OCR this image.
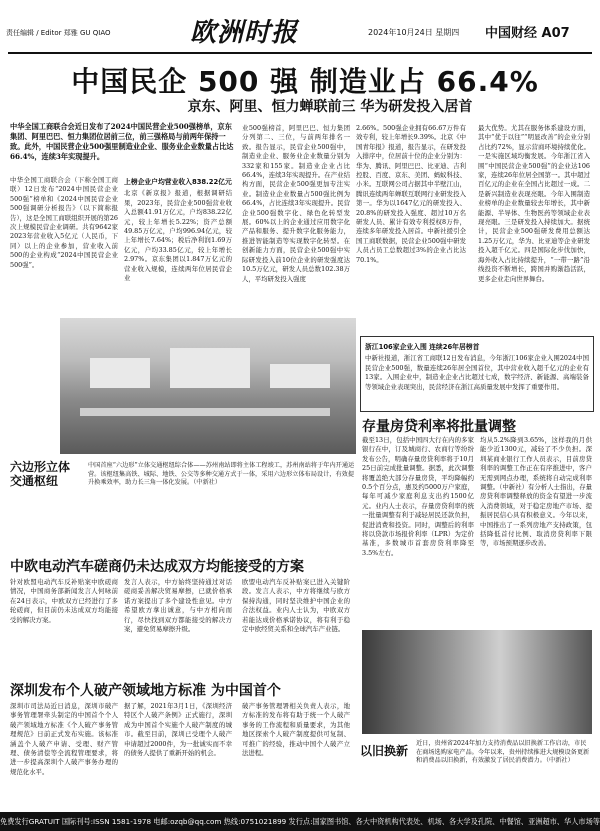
责任编辑 / Editor 郑雅 GU QIAO	欧洲时报	2024年10月24日 星期四 中国财经 A07
中国民企 500 强 制造业占 66.4%
京东、阿里、恒力蝉联前三 华为研发投入居首
中华全国工商联合会近日发布了2024中国民营企业500强榜单，京东集团、阿里巴巴、恒力集团位居前三位，前三强格局与前两年保持一致。此外，中国民营企业500强里制造业企业、服务业企业数量占比达66.4%，连续3年实现提升。
中华全国工商联合会（下称全国工商联）12日发布“2024中国民营企业500强”榜单和《2024中国民营企业500强调研分析报告》（以下简称报告），这是全国工商联组织开展的第26次上规模民营企业调研。共有9642家2023年营业收入5亿元（人民币，下同）以上的企业参加，营业收入前500的企业构成“2024中国民营企业500强”。
上榜企业户均营业收入838.22亿元
北京《新京报》报道，根据调研结果，2023年，民营企业500强营业收入总额41.91万亿元，户均838.22亿元，较上年增长5.22%；资产总额49.85万亿元，户均996.94亿元，较上年增长7.64%；税后净利润1.69万亿元，户均33.85亿元，较上年增长2.97%。京东集团以1.847万亿元的营业收入规模，连续两年位居民营企业
业500强榜首，阿里巴巴、恒力集团分列第二、三位，与前两年排名一致。报告显示，民营企业500强中，制造业企业、服务业企业数量分别为332家和155家。制造业企业占比66.4%，连续3年实现提升。在产业结构方面，民营企业500强更加专注实业。制造业企业数量占500强比例为66.4%，占比连续3年实现提升。民营企业500强数字化、绿色化转型发展。60%以上的企业通过应用数字化产品和服务、提升数字化服务能力，推进智能制造等实现数字化转型。在创新能力方面，民营企业500强中实际研发投入前10位企业的研发强度达10.5万亿元，研发人员总数102.38万人，平均研发投入强度
2.66%。500强企业拥有66.67万件有效专利，较上年增长9.39%。北京《中国青年报》报道，报告显示，在研发投入排序中，位居前十位的企业分别为：华为、腾讯、阿里巴巴、比亚迪、吉利控股、百度、京东、美团、蚂蚁科技、小米。互联网公司占据其中半壁江山，腾讯连续两年蝉联互联网行业研发投入第一。华为以1647亿元的研发投入、20.8%的研发投入强度、超过10万名研发人员、累计有效专利授权8万件，连续多年研发投入居首。中新社援引全国工商联数据，民营企业500强中研发人员占员工总数超过3%的企业占比达70.1%。
最大优势。尤其在服务体系建设方面，其中“优于以往”“明显改善”的企业分别占比约72%，显示营商环境持续优化。一是实施区域均衡发展。今年浙江省入围“中国民营企业500强”的企业达106家，连续26年位居全国第一。其中超过百亿元的企业在全国占比超过一成。二是新兴制造业表现亮眼。今年入围制造业榜单的企业数量较去年增长，其中新能源、半导体、生物医药等领域企业表现亮眼。三是研发投入持续加大。据统计，民营企业500强研发费用总额达1.25万亿元，华为、比亚迪等企业研发投入超千亿元。四是国际化步伐加快，海外收入占比持续提升，“一带一路”沿线投资不断增长，跨国并购渐趋活跃，更多企业走向世界舞台。
六边形立体交通枢纽
中国首座“六边形”立体交通枢纽综合体——苏州南站即将主体工程竣工，苏州南站将于年内开通运营。该枢纽集高铁、城际、地铁、公交等多种交通方式于一体，采用六边形立体布局设计，有效提升换乘效率，助力长三角一体化发展。（中新社）
浙江106家企业入围 连续26年居榜首
中新社报道，浙江省工商联12日发布消息，今年浙江106家企业入围2024中国民营企业500强，数量连续26年居全国首位，其中营业收入超千亿元的企业有13家。入围企业中，制造业企业占比超过七成，数字经济、新能源、高端装备等领域企业表现突出，民营经济在浙江高质量发展中发挥了重要作用。
存量房贷利率将批量调整
截至13日，包括中国四大行在内的多家银行在中，订及城商行、农商行等纷纷发布公告，明确存量房贷利率将于10月25日前完成批量调整。据悉，此次调整将覆盖绝大部分存量房贷，平均降幅约0.5个百分点，惠及约5000万户家庭，每年可减少家庭利息支出约1500亿元。业内人士表示，存量房贷利率的统一批量调整有利于减轻居民还款负担，促进消费和投资。同时，调整后的利率将以贷款市场报价利率（LPR）为定价基准，多数城市首套房贷利率降至3.5%左右。
均从5.2%降到3.65%，这样我的月供能少近1300元，减轻了不少负担。深圳某商业银行工作人员表示，目前房贷利率的调整工作正在有序推进中，客户无需到网点办理，系统将自动完成利率调整。（中新社）有分析人士指出，存量房贷利率调整释放的资金有望进一步流入消费领域，对于稳定房地产市场、提振居民信心具有积极意义。今年以来，中国推出了一系列房地产支持政策，包括降低首付比例、取消房贷利率下限等，市场预期逐步改善。
中欧电动汽车磋商仍未达成双方均能接受的方案
针对欧盟电动汽车反补贴案中欧磋商情况，中国商务部新闻发言人何咏前在24日表示，中欧双方已经进行了多轮磋商，但目前仍未达成双方均能接受的解决方案。
发言人表示，中方始终坚持通过对话磋商妥善解决贸易摩擦，已就价格承诺方案提出了多个建设性意见。中方希望欧方拿出诚意，与中方相向而行，尽快找到双方都能接受的解决方案，避免贸易摩擦升级。
欧盟电动汽车反补贴案已进入关键阶段。发言人表示，中方将继续与欧方保持沟通，同时坚决维护中国企业的合法权益。业内人士认为，中欧双方若能达成价格承诺协议，将有利于稳定中欧经贸关系和全球汽车产业链。
深圳发布个人破产领域地方标准 为中国首个
深圳市司法局近日消息，深圳市破产事务管理署牵头制定的中国首个个人破产领域地方标准《个人破产事务管理规范》日前正式发布实施。该标准涵盖个人破产申请、受理、财产管理、债务清偿等全流程管理要求，将进一步提高深圳个人破产事务办理的规范化水平。
据了解，2021年3月1日，《深圳经济特区个人破产条例》正式施行，深圳成为中国首个实施个人破产制度的城市。截至目前，深圳已受理个人破产申请超过2000件，为一批诚实而不幸的债务人提供了重新开始的机会。
破产事务管理署相关负责人表示，地方标准的发布将有助于统一个人破产事务的工作流程和质量要求，为其他地区探索个人破产制度提供可复制、可推广的经验，推动中国个人破产立法进程。	以旧换新
近日，贵州省2024年加力支持消费品以旧换新工作启动，市民在商场选购家电产品。今年以来，贵州持续推进大规模设备更新和消费品以旧换新，有效激发了居民消费潜力。（中新社）
免费发行GRATUIT 国际刊号:ISSN 1581-1978 电邮:ozqb@qq.com 热线:0751021899 发行点:国家图书馆、各大中资机构代表处、机场、各大学及孔院、中餐馆、亚洲超市、华人市场等
